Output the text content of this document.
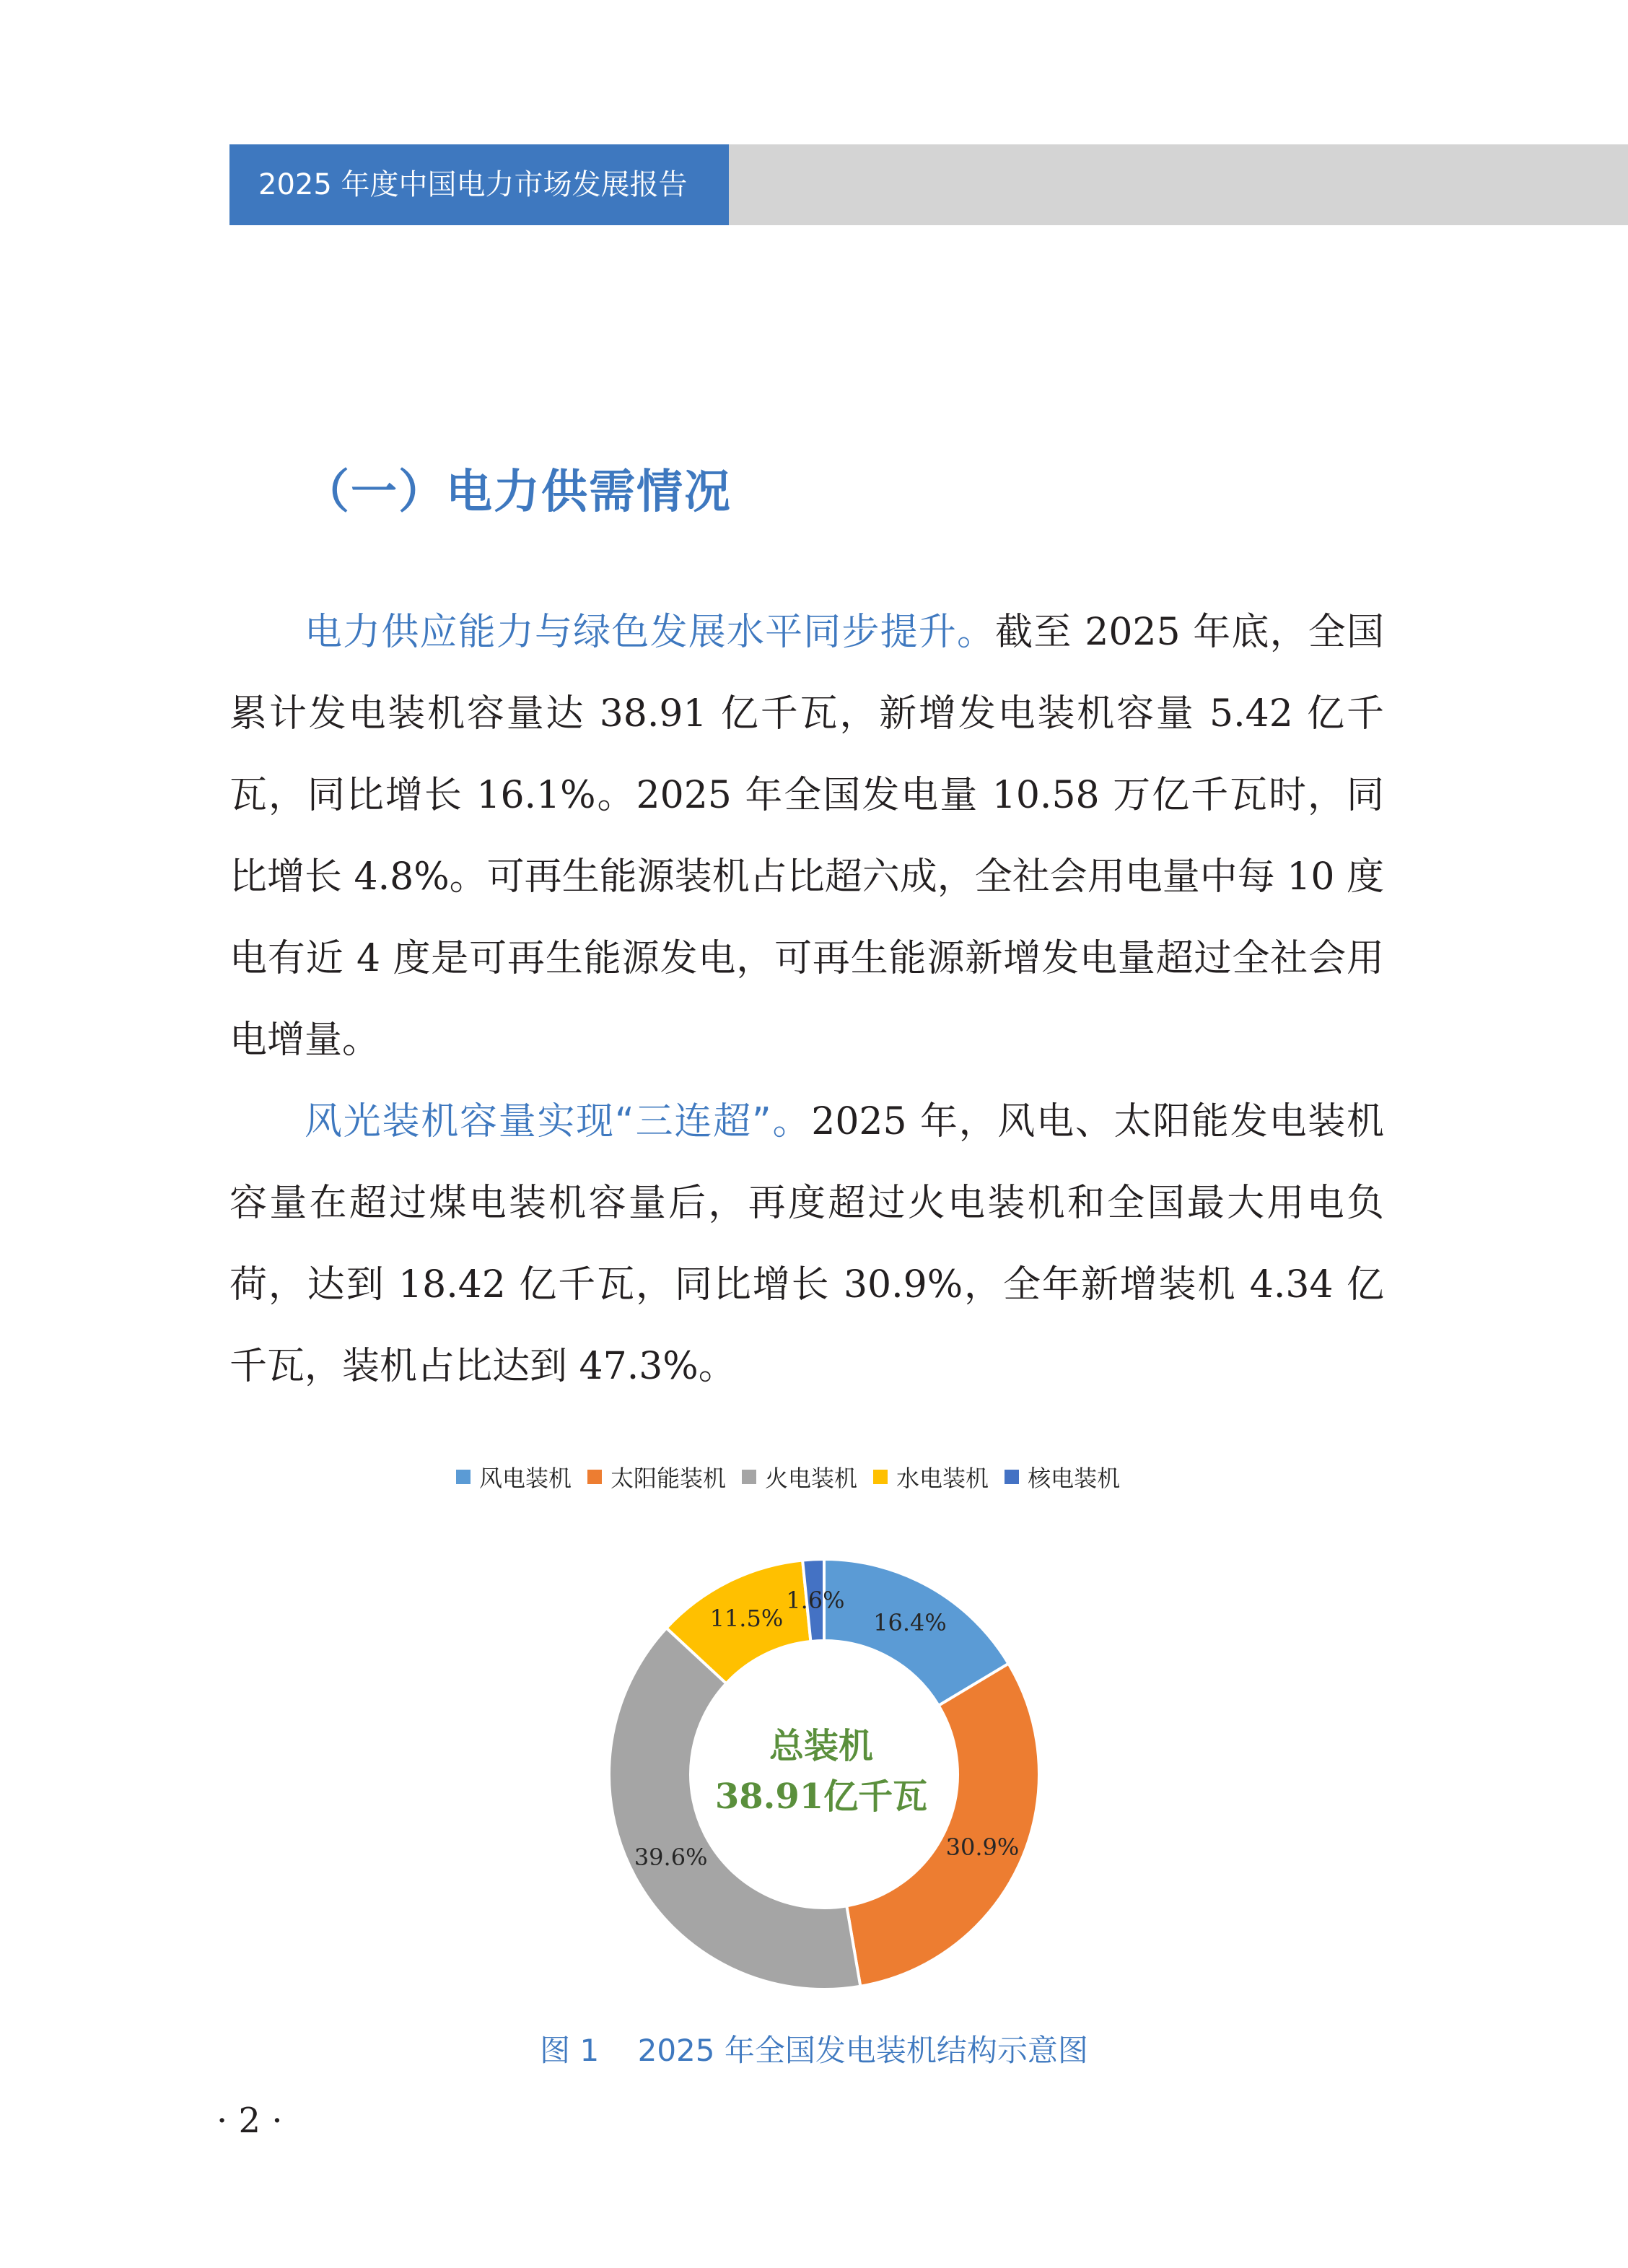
2025 年度中国电力市场发展报告
（一）电力供需情况

电力供应能力与绿色发展水平同步提升。截至 2025 年底，全国累计发电装机容量达 38.91 亿千瓦，新增发电装机容量 5.42 亿千瓦，同比增长 16.1%。2025 年全国发电量 10.58 万亿千瓦时，同比增长 4.8%。可再生能源装机占比超六成，全社会用电量中每 10 度电有近 4 度是可再生能源发电，可再生能源新增发电量超过全社会用电增量。

风光装机容量实现“三连超”。2025 年，风电、太阳能发电装机容量在超过煤电装机容量后，再度超过火电装机和全国最大用电负荷，达到 18.42 亿千瓦，同比增长 30.9%，全年新增装机 4.34 亿千瓦，装机占比达到 47.3%。

风电装机 太阳能装机 火电装机 水电装机 核电装机
16.4%
30.9%
39.6%
11.5%
1.6%
总装机
38.91亿千瓦
图 1    2025 年全国发电装机结构示意图
· 2 ·
